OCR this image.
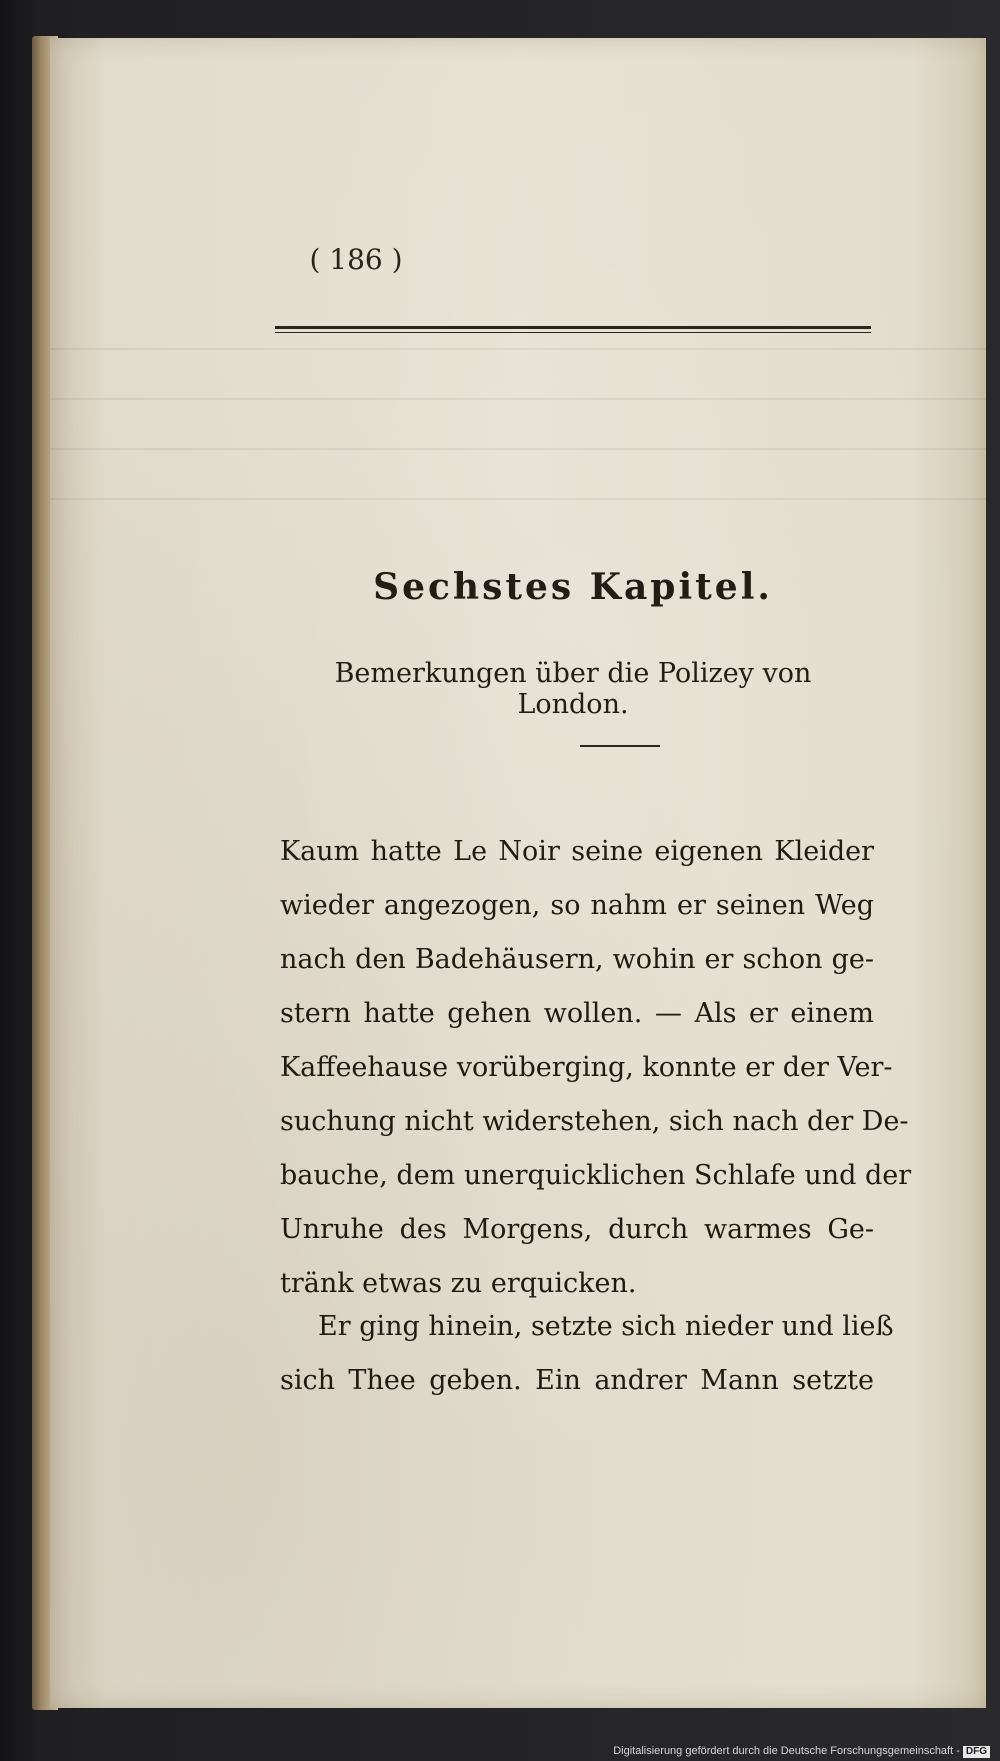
( 186 )
Sechstes Kapitel.
Bemerkungen über die Polizey von London.
Kaum hatte Le Noir seine eigenen Kleider
wieder angezogen, so nahm er seinen Weg
nach den Badehäusern, wohin er schon ge-
stern hatte gehen wollen. — Als er einem
Kaffeehause vorüberging, konnte er der Ver-
suchung nicht widerstehen, sich nach der De-
bauche, dem unerquicklichen Schlafe und der
Unruhe des Morgens, durch warmes Ge-
tränk etwas zu erquicken.
Er ging hinein, setzte sich nieder und ließ
sich Thee geben. Ein andrer Mann setzte
Digitalisierung gefördert durch die Deutsche Forschungsgemeinschaft - DFG
